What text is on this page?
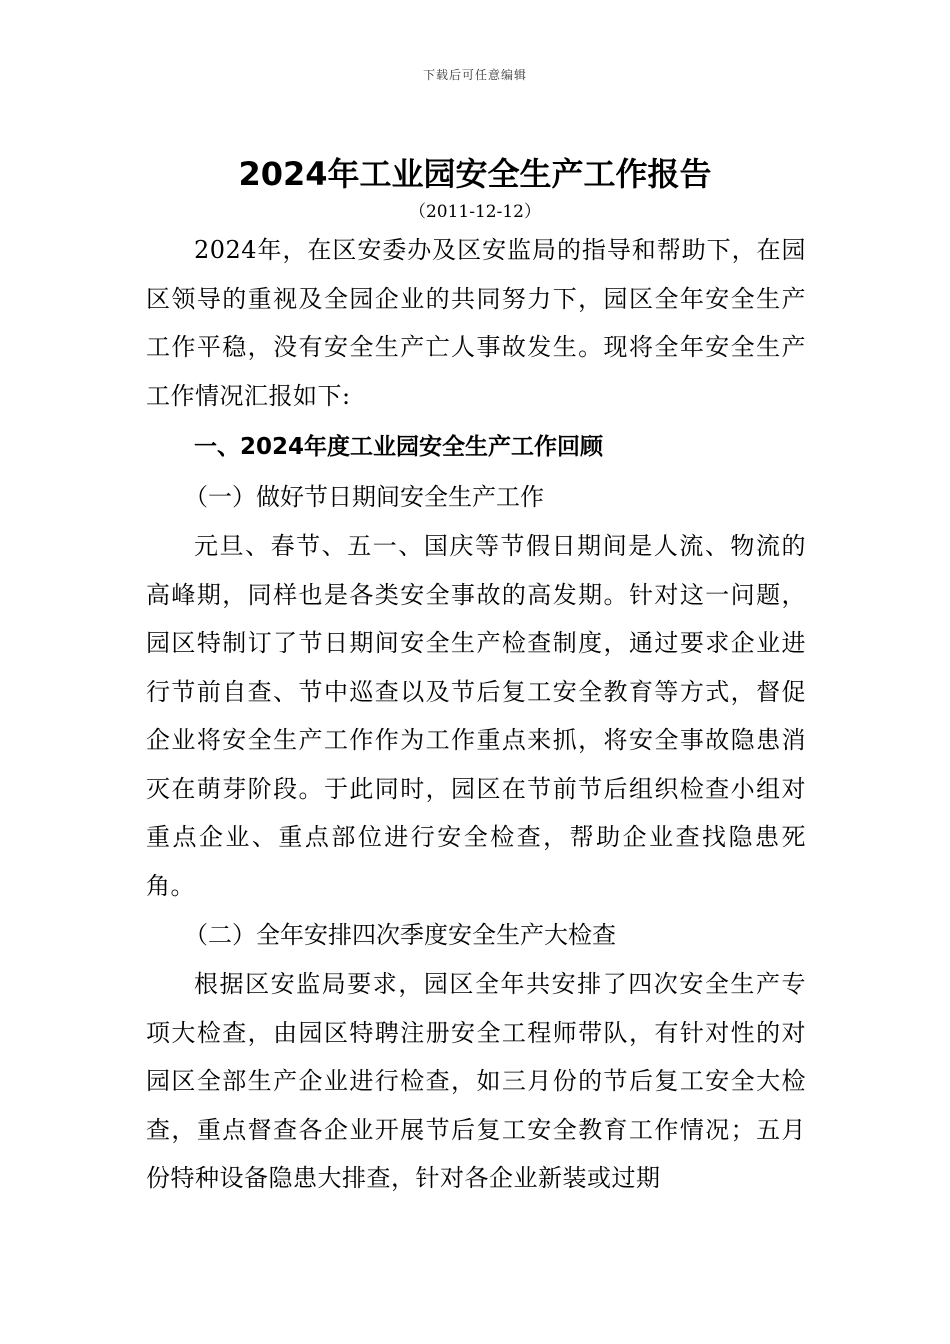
下载后可任意编辑
2024年工业园安全生产工作报告
（2011-12-12）

2024年，在区安委办及区安监局的指导和帮助下，在园区领导的重视及全园企业的共同努力下，园区全年安全生产工作平稳，没有安全生产亡人事故发生。现将全年安全生产工作情况汇报如下:

一、2024年度工业园安全生产工作回顾
（一）做好节日期间安全生产工作

元旦、春节、五一、国庆等节假日期间是人流、物流的高峰期，同样也是各类安全事故的高发期。针对这一问题，园区特制订了节日期间安全生产检查制度，通过要求企业进行节前自查、节中巡查以及节后复工安全教育等方式，督促企业将安全生产工作作为工作重点来抓，将安全事故隐患消灭在萌芽阶段。于此同时，园区在节前节后组织检查小组对重点企业、重点部位进行安全检查，帮助企业查找隐患死角。

（二）全年安排四次季度安全生产大检查

根据区安监局要求，园区全年共安排了四次安全生产专项大检查，由园区特聘注册安全工程师带队，有针对性的对园区全部生产企业进行检查，如三月份的节后复工安全大检查，重点督查各企业开展节后复工安全教育工作情况；五月份特种设备隐患大排查，针对各企业新装或过期
